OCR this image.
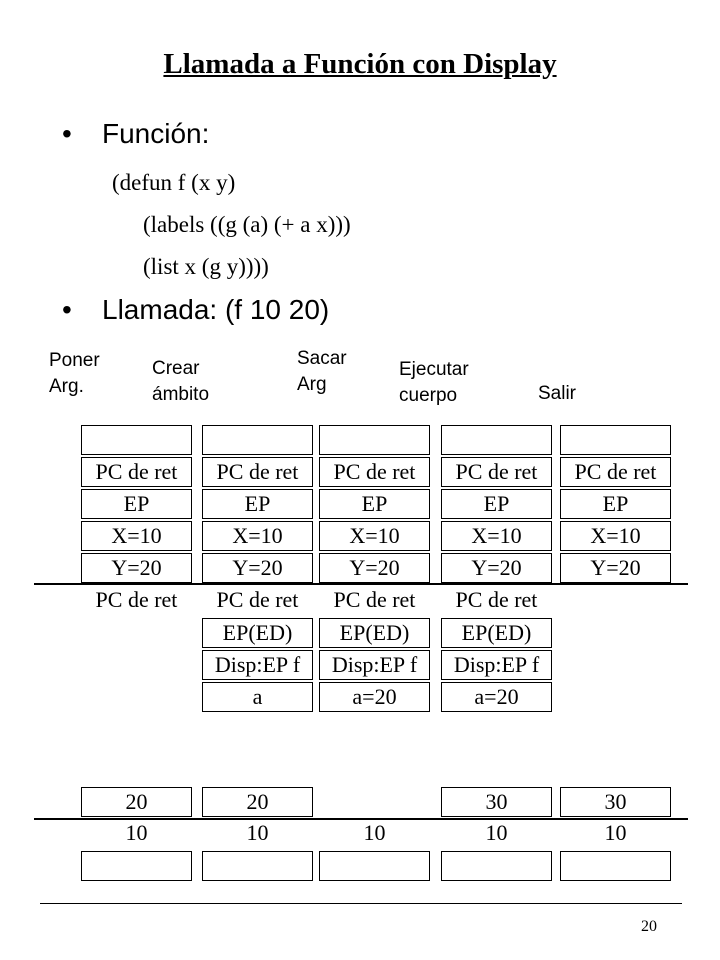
Llamada a Función con Display
• Función:
(defun f (x y)
(labels ((g (a) (+ a x)))
(list x (g y))))
• Llamada: (f 10 20)
Poner
Arg.
PC de ret
EP
X=10
Y=20
PC de ret
20
10
Crear
ámbito
PC de ret
EP
X=10
Y=20
PC de ret
EP(ED)
Disp:EP f
a
20
10
Sacar
Arg
PC de ret
EP
X=10
Y=20
PC de ret
EP(ED)
Disp:EP f
a=20
10
Ejecutar
cuerpo
PC de ret
EP
X=10
Y=20
PC de ret
EP(ED)
Disp:EP f
a=20
30
10
Salir
PC de ret
EP
X=10
Y=20
30
10
20
